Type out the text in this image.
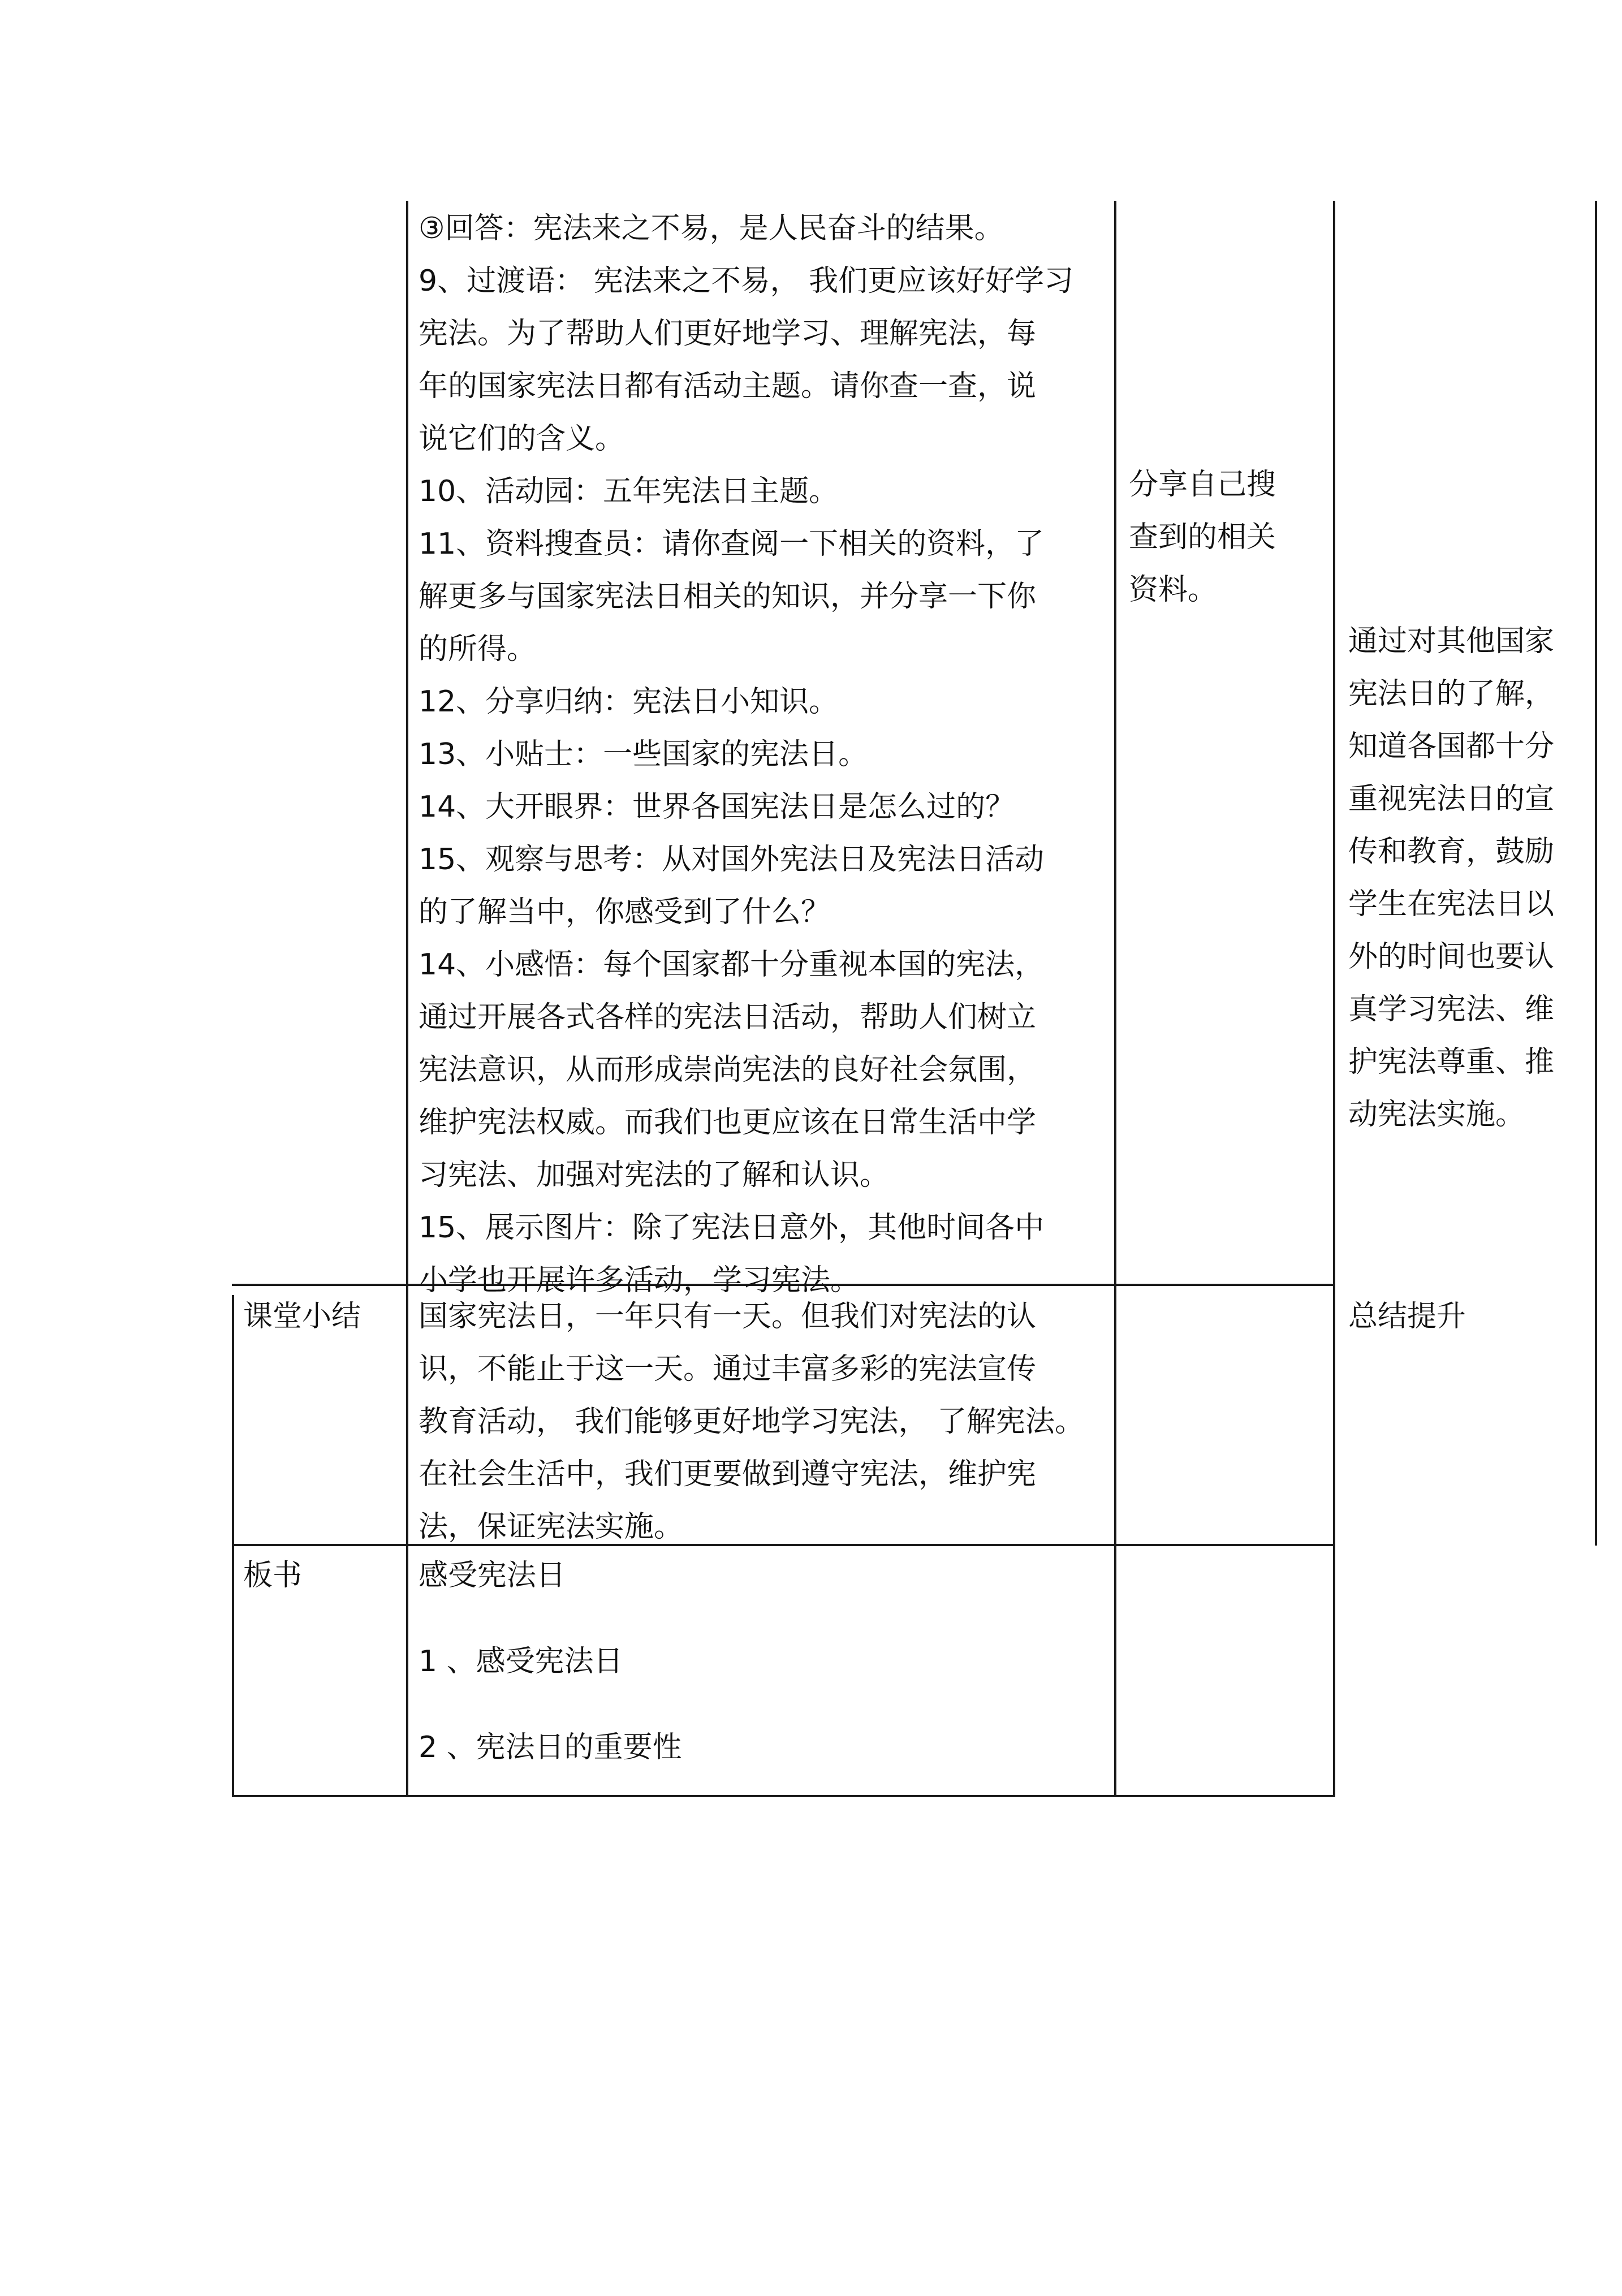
③回答：宪法来之不易，是人民奋斗的结果。
9、过渡语： 宪法来之不易， 我们更应该好好学习
宪法。为了帮助人们更好地学习、理解宪法，每
年的国家宪法日都有活动主题。请你查一查，说
说它们的含义。
10、活动园：五年宪法日主题。
11、资料搜查员：请你查阅一下相关的资料，了
解更多与国家宪法日相关的知识，并分享一下你
的所得。
12、分享归纳：宪法日小知识。
13、小贴士：一些国家的宪法日。
14、大开眼界：世界各国宪法日是怎么过的？
15、观察与思考：从对国外宪法日及宪法日活动
的了解当中，你感受到了什么？
14、小感悟：每个国家都十分重视本国的宪法，
通过开展各式各样的宪法日活动，帮助人们树立
宪法意识，从而形成崇尚宪法的良好社会氛围，
维护宪法权威。而我们也更应该在日常生活中学
习宪法、加强对宪法的了解和认识。
15、展示图片：除了宪法日意外，其他时间各中
小学也开展许多活动，学习宪法。
分享自己搜
查到的相关
资料。
通过对其他国家
宪法日的了解，
知道各国都十分
重视宪法日的宣
传和教育，鼓励
学生在宪法日以
外的时间也要认
真学习宪法、维
护宪法尊重、推
动宪法实施。
课堂小结 国家宪法日，一年只有一天。但我们对宪法的认
识，不能止于这一天。通过丰富多彩的宪法宣传
教育活动， 我们能够更好地学习宪法， 了解宪法。
在社会生活中，我们更要做到遵守宪法，维护宪
法，保证宪法实施。
总结提升
板书	感受宪法日
1 、感受宪法日
2 、宪法日的重要性
